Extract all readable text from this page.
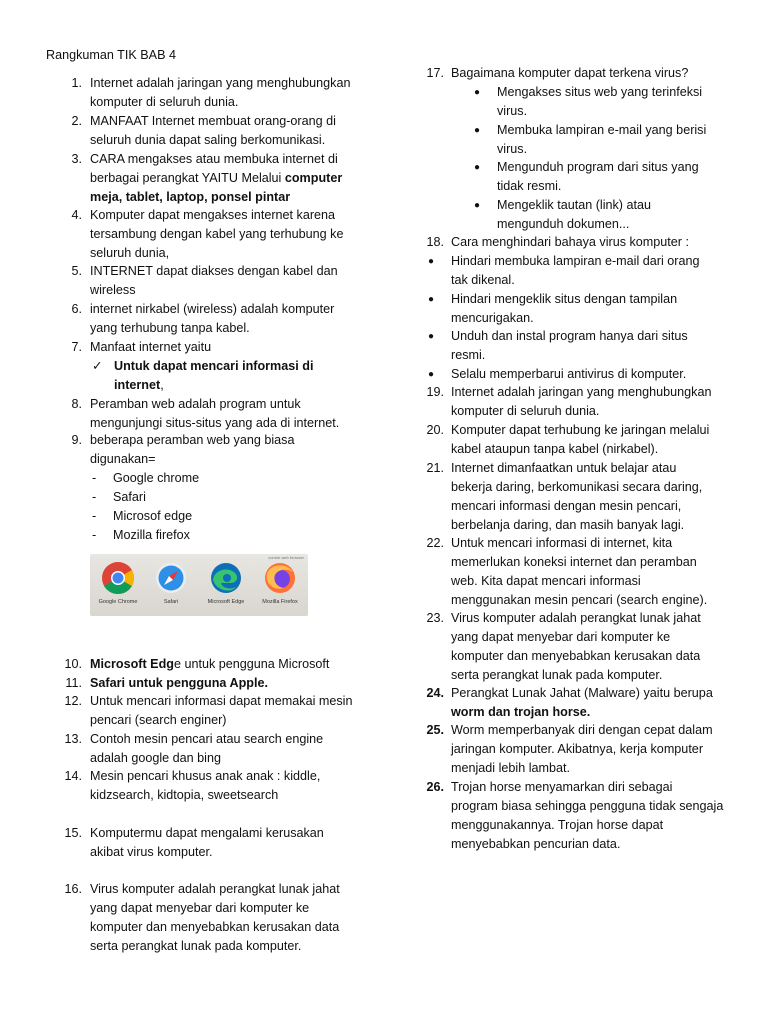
Rangkuman TIK BAB 4
1. Internet adalah jaringan yang menghubungkan
komputer di seluruh dunia.
2. MANFAAT Internet membuat orang-orang di
seluruh dunia dapat saling berkomunikasi.
3. CARA mengakses atau membuka internet di
berbagai perangkat YAITU Melalui computer
meja, tablet, laptop, ponsel pintar
4. Komputer dapat mengakses internet karena
tersambung dengan kabel yang terhubung ke
seluruh dunia,
5. INTERNET dapat diakses dengan kabel dan
wireless
6. internet nirkabel (wireless) adalah komputer
yang terhubung tanpa kabel.
7. Manfaat internet yaitu
✓ Untuk dapat mencari informasi di
internet,
8. Peramban web adalah program untuk
mengunjungi situs-situs yang ada di internet.
9. beberapa peramban web yang biasa
digunakan=
- Google chrome
- Safari
- Microsof edge
- Mozilla firefox
contoh web browser
Google Chrome	Safari	Microsoft Edge	Mozilla Firefox
10. Microsoft Edge untuk pengguna Microsoft
11. Safari untuk pengguna Apple.
12. Untuk mencari informasi dapat memakai mesin
pencari (search enginer)
13. Contoh mesin pencari atau search engine
adalah google dan bing
14. Mesin pencari khusus anak anak : kiddle,
kidzsearch, kidtopia, sweetsearch
15. Komputermu dapat mengalami kerusakan
akibat virus komputer.
16. Virus komputer adalah perangkat lunak jahat
yang dapat menyebar dari komputer ke
komputer dan menyebabkan kerusakan data
serta perangkat lunak pada komputer.
17. Bagaimana komputer dapat terkena virus?
● Mengakses situs web yang terinfeksi
virus.
● Membuka lampiran e-mail yang berisi
virus.
● Mengunduh program dari situs yang
tidak resmi.
● Mengeklik tautan (link) atau
mengunduh dokumen...
18. Cara menghindari bahaya virus komputer :
● Hindari membuka lampiran e-mail dari orang
tak dikenal.
● Hindari mengeklik situs dengan tampilan
mencurigakan.
● Unduh dan instal program hanya dari situs
resmi.
● Selalu memperbarui antivirus di komputer.
19. Internet adalah jaringan yang menghubungkan
komputer di seluruh dunia.
20. Komputer dapat terhubung ke jaringan melalui
kabel ataupun tanpa kabel (nirkabel).
21. Internet dimanfaatkan untuk belajar atau
bekerja daring, berkomunikasi secara daring,
mencari informasi dengan mesin pencari,
berbelanja daring, dan masih banyak lagi.
22. Untuk mencari informasi di internet, kita
memerlukan koneksi internet dan peramban
web. Kita dapat mencari informasi
menggunakan mesin pencari (search engine).
23. Virus komputer adalah perangkat lunak jahat
yang dapat menyebar dari komputer ke
komputer dan menyebabkan kerusakan data
serta perangkat lunak pada komputer.
24. Perangkat Lunak Jahat (Malware) yaitu berupa
worm dan trojan horse.
25. Worm memperbanyak diri dengan cepat dalam
jaringan komputer. Akibatnya, kerja komputer
menjadi lebih lambat.
26. Trojan horse menyamarkan diri sebagai
program biasa sehingga pengguna tidak sengaja
menggunakannya. Trojan horse dapat
menyebabkan pencurian data.
